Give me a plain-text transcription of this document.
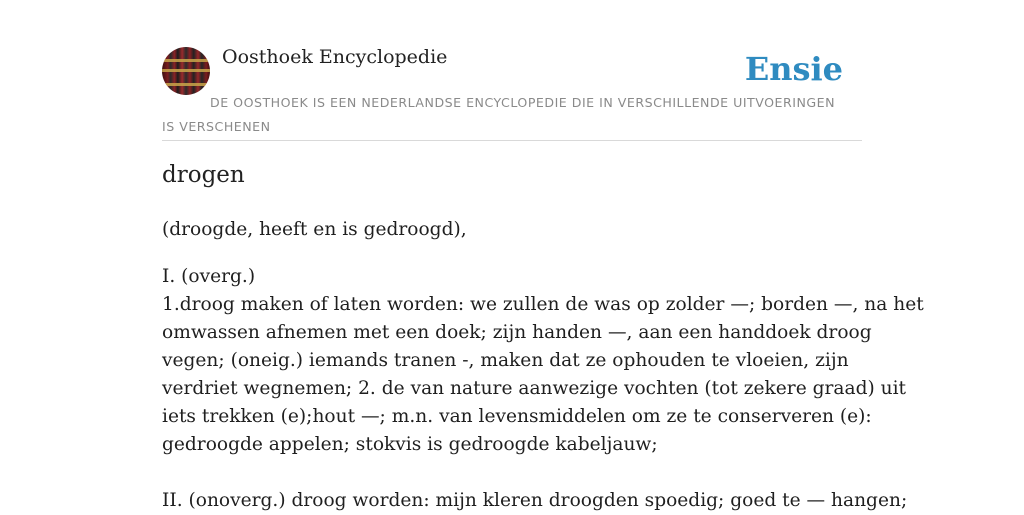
Oosthoek Encyclopedie	Ensie
DE OOSTHOEK IS EEN NEDERLANDSE ENCYCLOPEDIE DIE IN VERSCHILLENDE UITVOERINGEN IS VERSCHENEN
drogen
(droogde, heeft en is gedroogd),
I. (overg.)
1.droog maken of laten worden: we zullen de was op zolder —; borden —, na het
omwassen afnemen met een doek; zijn handen —, aan een handdoek droog
vegen; (oneig.) iemands tranen -, maken dat ze ophouden te vloeien, zijn
verdriet wegnemen; 2. de van nature aanwezige vochten (tot zekere graad) uit
iets trekken (e);hout —; m.n. van levensmiddelen om ze te conserveren (e):
gedroogde appelen; stokvis is gedroogde kabeljauw;
II. (onoverg.) droog worden: mijn kleren droogden spoedig; goed te — hangen;
